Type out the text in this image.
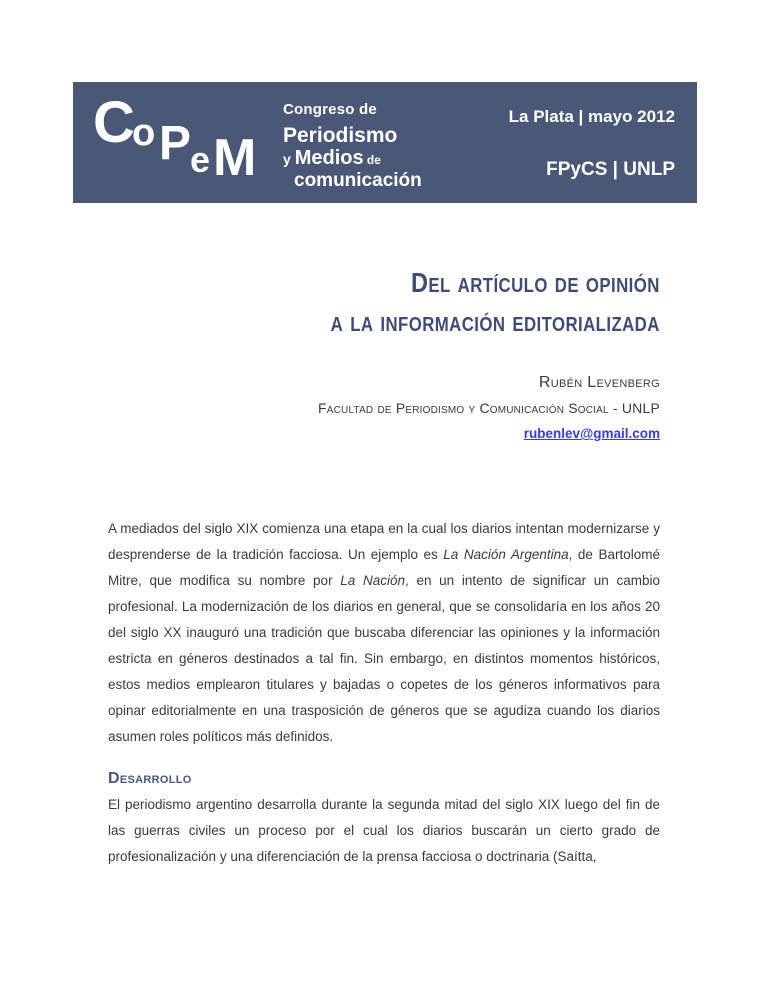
C
o P
e M
Congreso de
Periodismo
y Medios de
comunicación
La Plata | mayo 2012
FPyCS | UNLP
Del artículo de opinión
a la información editorializada
Rubén Levenberg
Facultad de Periodismo y Comunicación Social - UNLP
rubenlev@gmail.com

A mediados del siglo XIX comienza una etapa en la cual los diarios intentan modernizarse y desprenderse de la tradición facciosa. Un ejemplo es La Nación Argentina, de Bartolomé Mitre, que modifica su nombre por La Nación, en un intento de significar un cambio profesional. La modernización de los diarios en general, que se consolidaría en los años 20 del siglo XX inauguró una tradición que buscaba diferenciar las opiniones y la información estricta en géneros destinados a tal fin. Sin embargo, en distintos momentos históricos, estos medios emplearon titulares y bajadas o copetes de los géneros informativos para opinar editorialmente en una trasposición de géneros que se agudiza cuando los diarios asumen roles políticos más definidos.

Desarrollo

El periodismo argentino desarrolla durante la segunda mitad del siglo XIX luego del fin de las guerras civiles un proceso por el cual los diarios buscarán un cierto grado de profesionalización y una diferenciación de la prensa facciosa o doctrinaria (Saítta,
